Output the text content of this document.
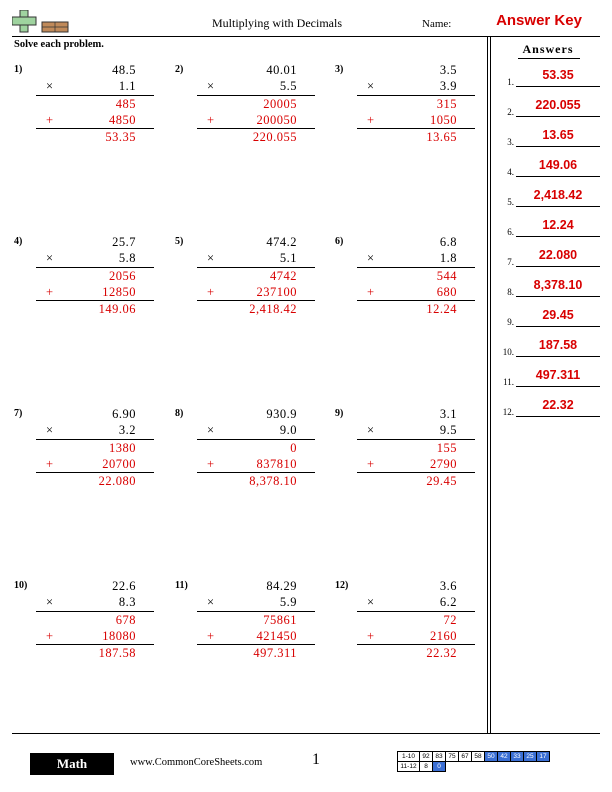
Multiplying with Decimals	Name:	Answer Key
Solve each problem.	Answers
1.	53.35
2.	220.055
3.	13.65
4.	149.06
5.	2,418.42
6.	12.24
7.	22.080
8.	8,378.10
9.	29.45
10.	187.58
11.	497.311
12.	22.32
1)	48.5
×	1.1
485
+	4850
53.35
2)	40.01
×	5.5
20005
+	200050
220.055
3)	3.5
×	3.9
315
+	1050
13.65
4)	25.7
×	5.8
2056
+	12850
149.06
5)	474.2
×	5.1
4742
+	237100
2,418.42
6)	6.8
×	1.8
544
+	680
12.24
7)	6.90
×	3.2
1380
+	20700
22.080
8)	930.9
×	9.0
0
+	837810
8,378.10
9)	3.1
×	9.5
155
+	2790
29.45
10)	22.6
×	8.3
678
+	18080
187.58
11)	84.29
×	5.9
75861
+	421450
497.311
12)	3.6
×	6.2
72
+	2160
22.32
Math	www.CommonCoreSheets.com	1	1-10	92	83	75	67	58	50	42	33	25	17
11-12	8	0								
